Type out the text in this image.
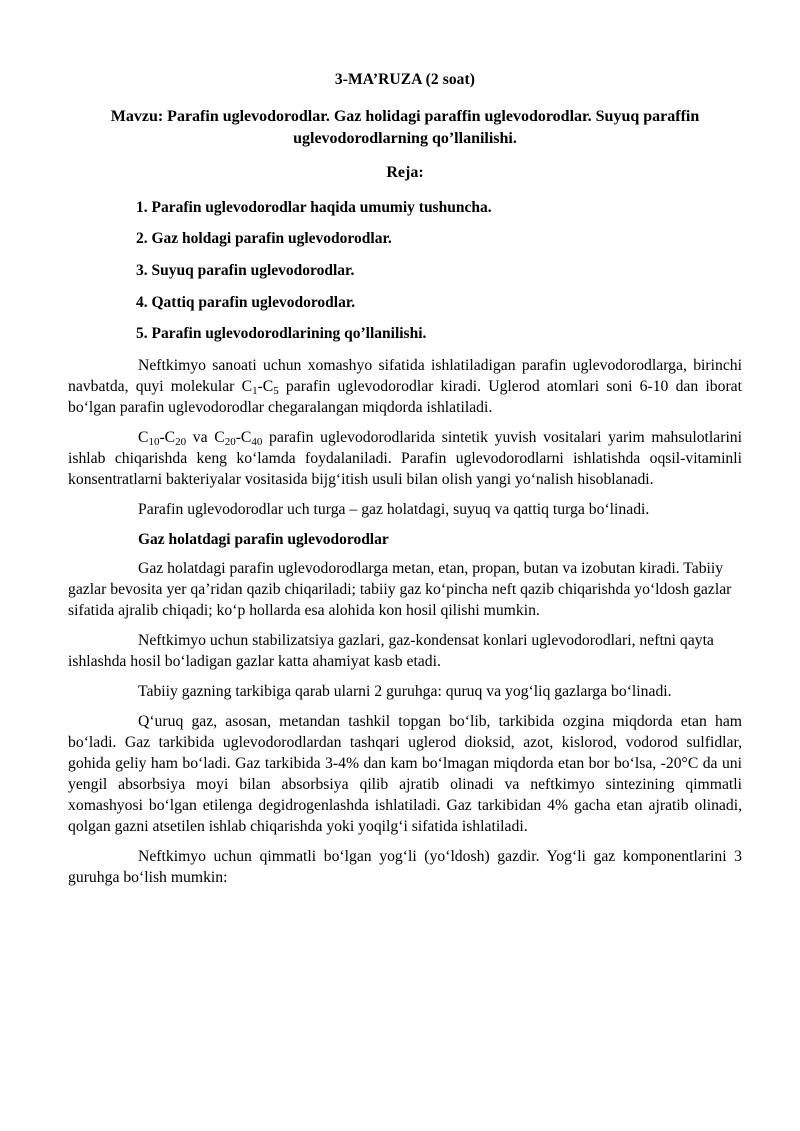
3-MA’RUZA (2 soat)
Mavzu: Parafin uglevodorodlar. Gaz holidagi paraffin uglevodorodlar. Suyuq paraffin uglevodorodlarning qo’llanilishi.
Reja:
1. Parafin uglevodorodlar haqida umumiy tushuncha.
2. Gaz holdagi parafin uglevodorodlar.
3. Suyuq parafin uglevodorodlar.
4. Qattiq parafin uglevodorodlar.
5. Parafin uglevodorodlarining qo’llanilishi.

Neftkimyo sanoati uchun xomashyo sifatida ishlatiladigan parafin uglevodorodlarga, birinchi navbatda, quyi molekular $C_1-C_5$ parafin uglevodorodlar kiradi. Uglerod atomlari soni 6-10 dan iborat bo‘lgan parafin uglevodorodlar chegaralangan miqdorda ishlatiladi.

$C_{10}-C_{20}$ va $C_{20}-C_{40}$ parafin uglevodorodlarida sintetik yuvish vositalari yarim mahsulotlarini ishlab chiqarishda keng ko‘lamda foydalaniladi. Parafin uglevodorodlarni ishlatishda oqsil-vitaminli konsentratlarni bakteriyalar vositasida bijg‘itish usuli bilan olish yangi yo‘nalish hisoblanadi.

Parafin uglevodorodlar uch turga – gaz holatdagi, suyuq va qattiq turga bo‘linadi.

Gaz holatdagi parafin uglevodorodlar

Gaz holatdagi parafin uglevodorodlarga metan, etan, propan, butan va izobutan kiradi. Tabiiy gazlar bevosita yer qa’ridan qazib chiqariladi; tabiiy gaz ko‘pincha neft qazib chiqarishda yo‘ldosh gazlar sifatida ajralib chiqadi; ko‘p hollarda esa alohida kon hosil qilishi mumkin.

Neftkimyo uchun stabilizatsiya gazlari, gaz-kondensat konlari uglevodorodlari, neftni qayta ishlashda hosil bo‘ladigan gazlar katta ahamiyat kasb etadi.

Tabiiy gazning tarkibiga qarab ularni 2 guruhga: quruq va yog‘liq gazlarga bo‘linadi.

Q‘uruq gaz, asosan, metandan tashkil topgan bo‘lib, tarkibida ozgina miqdorda etan ham bo‘ladi. Gaz tarkibida uglevodorodlardan tashqari uglerod dioksid, azot, kislorod, vodorod sulfidlar, gohida geliy ham bo‘ladi. Gaz tarkibida 3-4% dan kam bo‘lmagan miqdorda etan bor bo‘lsa, -20°C da uni yengil absorbsiya moyi bilan absorbsiya qilib ajratib olinadi va neftkimyo sintezining qimmatli xomashyosi bo‘lgan etilenga degidrogenlashda ishlatiladi. Gaz tarkibidan 4% gacha etan ajratib olinadi, qolgan gazni atsetilen ishlab chiqarishda yoki yoqilg‘i sifatida ishlatiladi.

Neftkimyo uchun qimmatli bo‘lgan yog‘li (yo‘ldosh) gazdir. Yog‘li gaz komponentlarini 3 guruhga bo‘lish mumkin:
